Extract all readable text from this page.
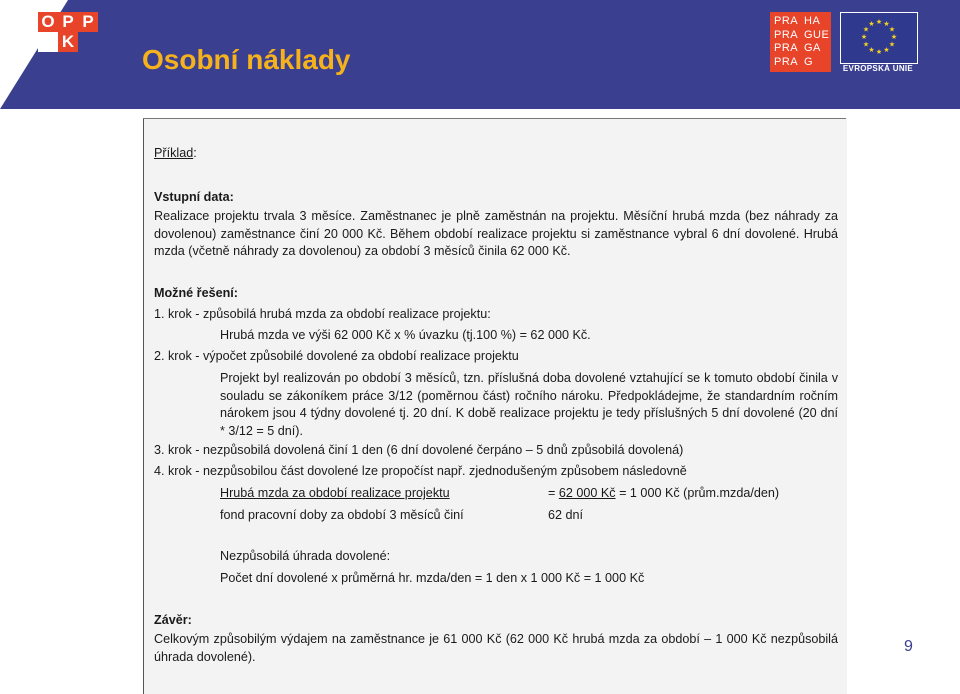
O P P
K
Osobní náklady
PRA HA
PRA GUE
PRA GA
PRA G
★ ★
★
★
★
★
★
★
★
★
★
★
EVROPSKÁ UNIE

Příklad:

Vstupní data:

Realizace projektu trvala 3 měsíce. Zaměstnanec je plně zaměstnán na projektu. Měsíční hrubá mzda (bez náhrady za dovolenou) zaměstnance činí 20 000 Kč. Během období realizace projektu si zaměstnance vybral 6 dní dovolené. Hrubá mzda (včetně náhrady za dovolenou) za období 3 měsíců činila 62 000 Kč.

Možné řešení:

1. krok - způsobilá hrubá mzda za období realizace projektu:

Hrubá mzda ve výši 62 000 Kč x % úvazku (tj.100 %) = 62 000 Kč.

2. krok - výpočet způsobilé dovolené za období realizace projektu

Projekt byl realizován po období 3 měsíců, tzn. příslušná doba dovolené vztahující se k tomuto období činila v souladu se zákoníkem práce 3/12 (poměrnou část) ročního nároku. Předpokládejme, že standardním ročním nárokem jsou 4 týdny dovolené tj. 20 dní. K době realizace projektu je tedy příslušných 5 dní dovolené (20 dní * 3/12 = 5 dní).

3. krok - nezpůsobilá dovolená činí 1 den (6 dní dovolené čerpáno – 5 dnů způsobilá dovolená)

4. krok - nezpůsobilou část dovolené lze propočíst např. zjednodušeným způsobem následovně

Hrubá mzda za období realizace projektu	= 62 000 Kč = 1 000 Kč (prům.mzda/den)

fond pracovní doby za období 3 měsíců činí	62 dní

Nezpůsobilá úhrada dovolené:

Počet dní dovolené x průměrná hr. mzda/den = 1 den x 1 000 Kč = 1 000 Kč

Závěr:

Celkovým způsobilým výdajem na zaměstnance je 61 000 Kč (62 000 Kč hrubá mzda za období – 1 000 Kč nezpůsobilá úhrada dovolené).

9
